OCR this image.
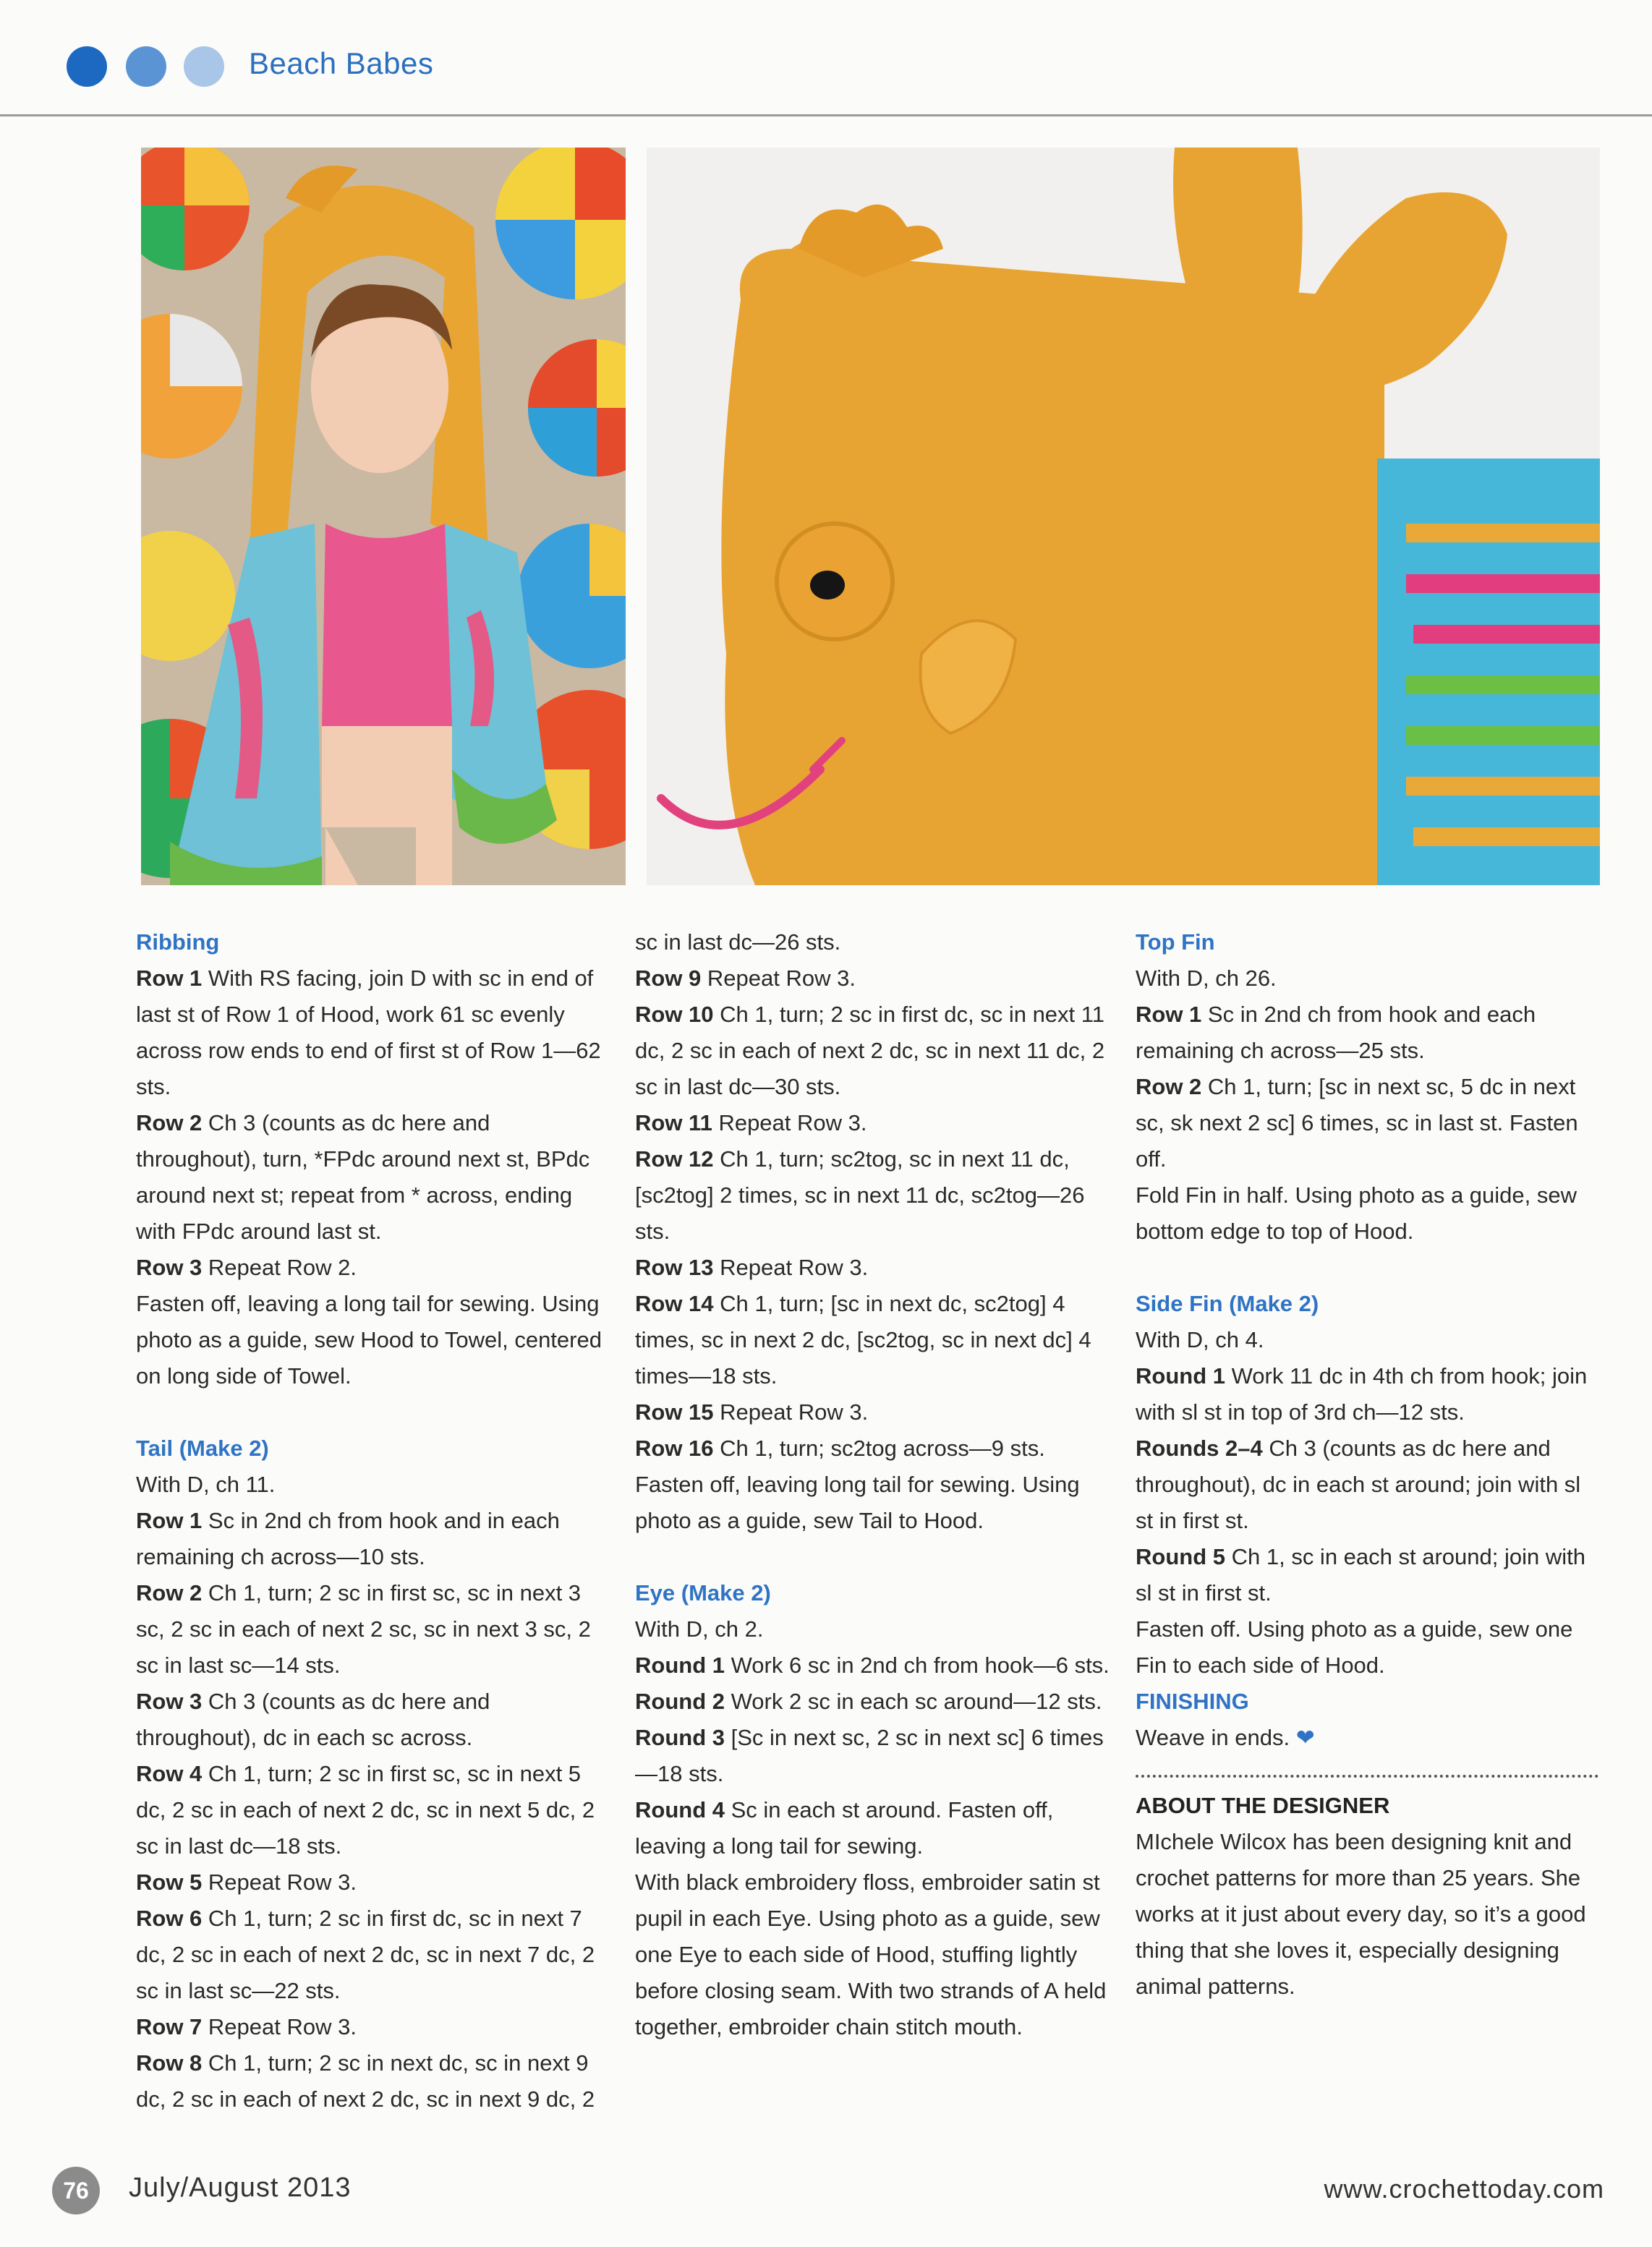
Beach Babes

Ribbing

Row 1 With RS facing, join D with sc in end of last st of Row 1 of Hood, work 61 sc evenly across row ends to end of first st of Row 1—62 sts.

Row 2 Ch 3 (counts as dc here and throughout), turn, *FPdc around next st, BPdc around next st; repeat from * across, ending with FPdc around last st.

Row 3 Repeat Row 2.

Fasten off, leaving a long tail for sewing. Using photo as a guide, sew Hood to Towel, centered on long side of Towel.

Tail (Make 2)

With D, ch 11.

Row 1 Sc in 2nd ch from hook and in each remaining ch across—10 sts.

Row 2 Ch 1, turn; 2 sc in first sc, sc in next 3 sc, 2 sc in each of next 2 sc, sc in next 3 sc, 2 sc in last sc—14 sts.

Row 3 Ch 3 (counts as dc here and throughout), dc in each sc across.

Row 4 Ch 1, turn; 2 sc in first sc, sc in next 5 dc, 2 sc in each of next 2 dc, sc in next 5 dc, 2 sc in last dc—18 sts.

Row 5 Repeat Row 3.

Row 6 Ch 1, turn; 2 sc in first dc, sc in next 7 dc, 2 sc in each of next 2 dc, sc in next 7 dc, 2 sc in last sc—22 sts.

Row 7 Repeat Row 3.

Row 8 Ch 1, turn; 2 sc in next dc, sc in next 9 dc, 2 sc in each of next 2 dc, sc in next 9 dc, 2

sc in last dc—26 sts.

Row 9 Repeat Row 3.

Row 10 Ch 1, turn; 2 sc in first dc, sc in next 11 dc, 2 sc in each of next 2 dc, sc in next 11 dc, 2 sc in last dc—30 sts.

Row 11 Repeat Row 3.

Row 12 Ch 1, turn; sc2tog, sc in next 11 dc, [sc2tog] 2 times, sc in next 11 dc, sc2tog—26 sts.

Row 13 Repeat Row 3.

Row 14 Ch 1, turn; [sc in next dc, sc2tog] 4 times, sc in next 2 dc, [sc2tog, sc in next dc] 4 times—18 sts.

Row 15 Repeat Row 3.

Row 16 Ch 1, turn; sc2tog across—9 sts.

Fasten off, leaving long tail for sewing. Using photo as a guide, sew Tail to Hood.

Eye (Make 2)

With D, ch 2.

Round 1 Work 6 sc in 2nd ch from hook—6 sts.

Round 2 Work 2 sc in each sc around—12 sts.

Round 3 [Sc in next sc, 2 sc in next sc] 6 times—18 sts.

Round 4 Sc in each st around. Fasten off, leaving a long tail for sewing.

With black embroidery floss, embroider satin st pupil in each Eye. Using photo as a guide, sew one Eye to each side of Hood, stuffing lightly before closing seam. With two strands of A held together, embroider chain stitch mouth.

Top Fin

With D, ch 26.

Row 1 Sc in 2nd ch from hook and each remaining ch across—25 sts.

Row 2 Ch 1, turn; [sc in next sc, 5 dc in next sc, sk next 2 sc] 6 times, sc in last st. Fasten off.

Fold Fin in half. Using photo as a guide, sew bottom edge to top of Hood.

Side Fin (Make 2)

With D, ch 4.

Round 1 Work 11 dc in 4th ch from hook; join with sl st in top of 3rd ch—12 sts.

Rounds 2–4 Ch 3 (counts as dc here and throughout), dc in each st around; join with sl st in first st.

Round 5 Ch 1, sc in each st around; join with sl st in first st.

Fasten off. Using photo as a guide, sew one Fin to each side of Hood.

FINISHING

Weave in ends. ❤

ABOUT THE DESIGNER

MIchele Wilcox has been designing knit and crochet patterns for more than 25 years. She works at it just about every day, so it’s a good thing that she loves it, especially designing animal patterns.

76	July/August 2013	www.crochettoday.com
